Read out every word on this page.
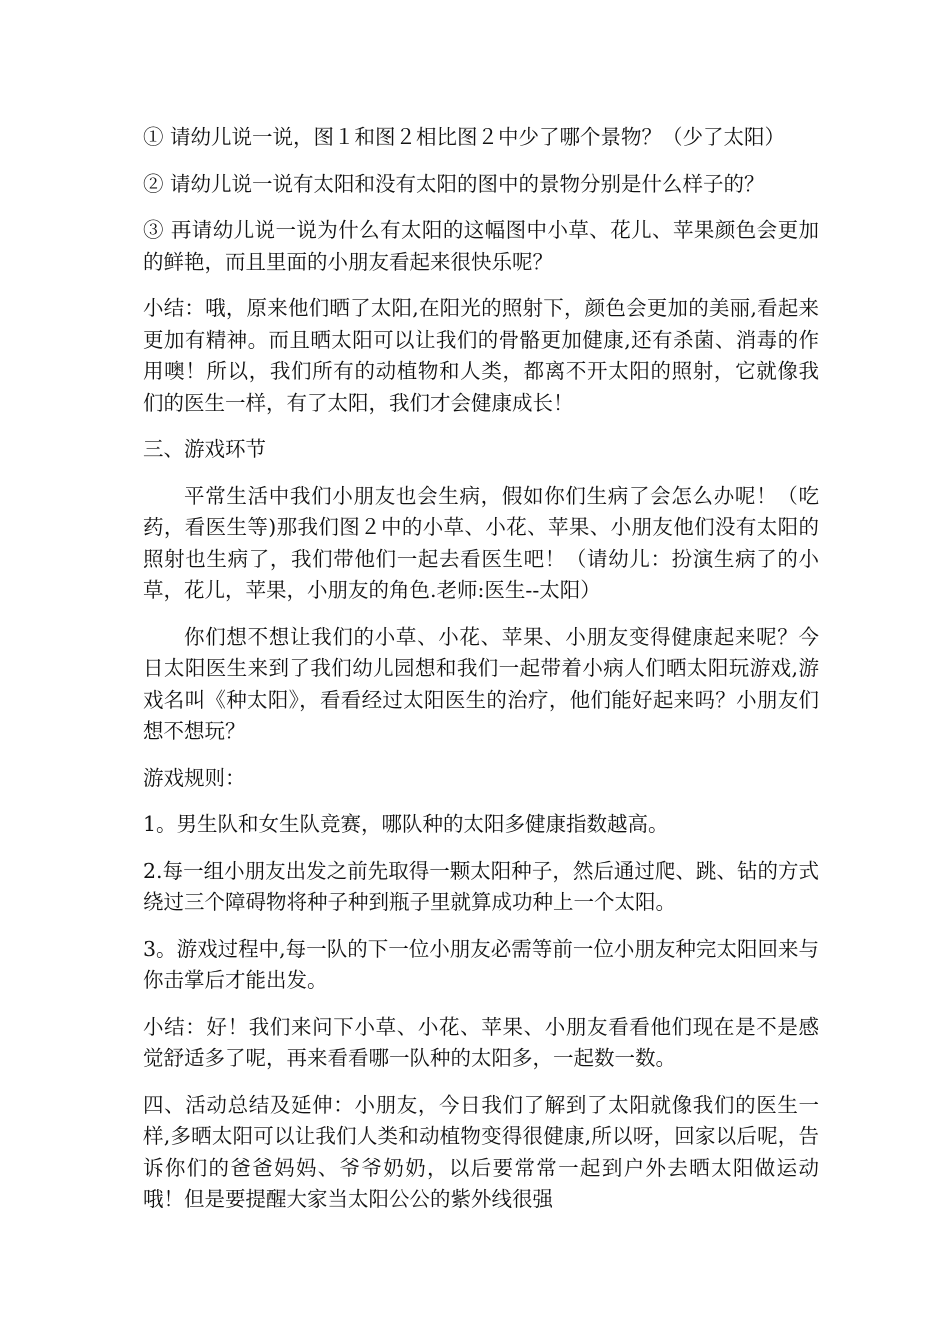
① 请幼儿说一说，图１和图２相比图２中少了哪个景物？（少了太阳）

② 请幼儿说一说有太阳和没有太阳的图中的景物分别是什么样子的？

③ 再请幼儿说一说为什么有太阳的这幅图中小草、花儿、苹果颜色会更加的鲜艳，而且里面的小朋友看起来很快乐呢？

小结：哦，原来他们晒了太阳,在阳光的照射下，颜色会更加的美丽,看起来更加有精神。而且晒太阳可以让我们的骨骼更加健康,还有杀菌、消毒的作用噢！所以，我们所有的动植物和人类，都离不开太阳的照射，它就像我们的医生一样，有了太阳，我们才会健康成长！

三、游戏环节

平常生活中我们小朋友也会生病，假如你们生病了会怎么办呢！（吃药，看医生等)那我们图２中的小草、小花、苹果、小朋友他们没有太阳的照射也生病了，我们带他们一起去看医生吧！（请幼儿：扮演生病了的小草，花儿，苹果，小朋友的角色.老师:医生--太阳）

你们想不想让我们的小草、小花、苹果、小朋友变得健康起来呢？今日太阳医生来到了我们幼儿园想和我们一起带着小病人们晒太阳玩游戏,游戏名叫《种太阳》，看看经过太阳医生的治疗，他们能好起来吗？小朋友们想不想玩？

游戏规则：

1。男生队和女生队竞赛，哪队种的太阳多健康指数越高。

2.每一组小朋友出发之前先取得一颗太阳种子，然后通过爬、跳、钻的方式绕过三个障碍物将种子种到瓶子里就算成功种上一个太阳。

3。游戏过程中,每一队的下一位小朋友必需等前一位小朋友种完太阳回来与你击掌后才能出发。

小结：好！我们来问下小草、小花、苹果、小朋友看看他们现在是不是感觉舒适多了呢，再来看看哪一队种的太阳多，一起数一数。

四、活动总结及延伸：小朋友，今日我们了解到了太阳就像我们的医生一样,多晒太阳可以让我们人类和动植物变得很健康,所以呀，回家以后呢，告诉你们的爸爸妈妈、爷爷奶奶，以后要常常一起到户外去晒太阳做运动哦！但是要提醒大家当太阳公公的紫外线很强
